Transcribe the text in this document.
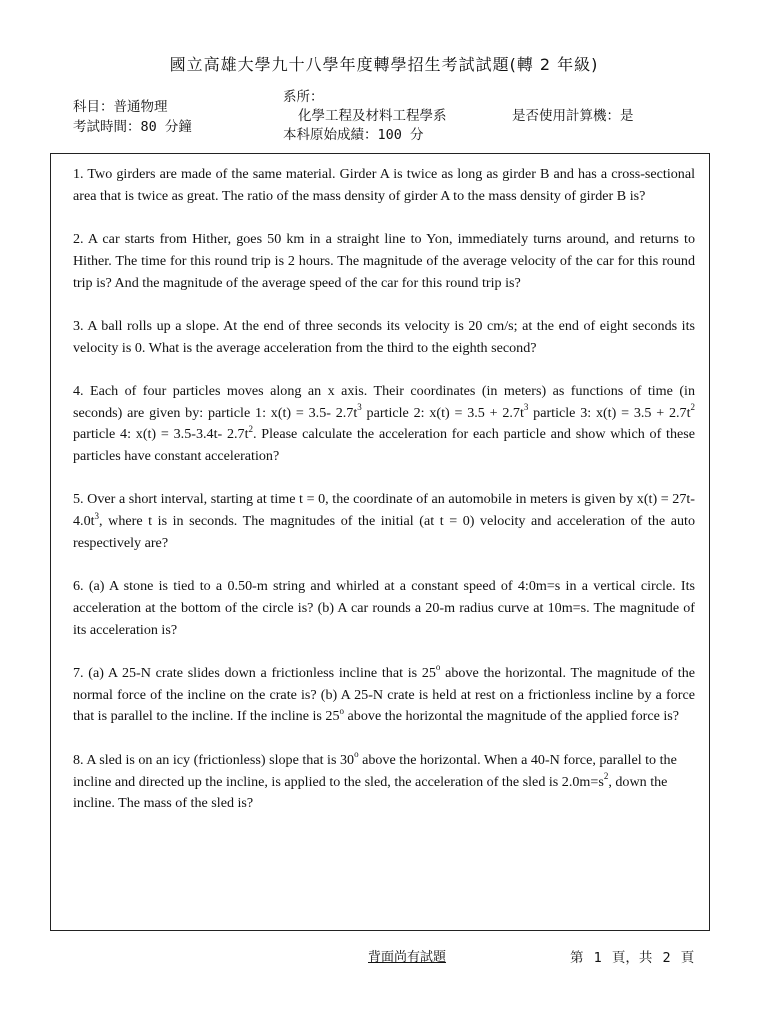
國立高雄大學九十八學年度轉學招生考試試題(轉 2 年級)
科目：普通物理
考試時間：80 分鐘
系所：
化學工程及材料工程學系
本科原始成績：100 分
是否使用計算機：是

1. Two girders are made of the same material. Girder A is twice as long as girder B and has a cross-sectional area that is twice as great. The ratio of the mass density of girder A to the mass density of girder B is?

2. A car starts from Hither, goes 50 km in a straight line to Yon, immediately turns around, and returns to Hither. The time for this round trip is 2 hours. The magnitude of the average velocity of the car for this round trip is? And the magnitude of the average speed of the car for this round trip is?

3. A ball rolls up a slope. At the end of three seconds its velocity is 20 cm/s; at the end of eight seconds its velocity is 0. What is the average acceleration from the third to the eighth second?

4. Each of four particles moves along an x axis. Their coordinates (in meters) as functions of time (in seconds) are given by: particle 1: x(t) = 3.5- $2.7t^3$ particle 2: $x(t) = 3.5 + 2.7t^3$ particle 3: $x(t) = 3.5 + 2.7t^2$ particle 4: x(t) = 3.5-3.4t- $2.7t^2$. Please calculate the acceleration for each particle and show which of these particles have constant acceleration?

5. Over a short interval, starting at time t = 0, the coordinate of an automobile in meters is given by $x(t) = 27t-4.0t^3$, where t is in seconds. The magnitudes of the initial (at t = 0) velocity and acceleration of the auto respectively are?

6. (a) A stone is tied to a 0.50-m string and whirled at a constant speed of 4:0m=s in a vertical circle. Its acceleration at the bottom of the circle is? (b) A car rounds a 20-m radius curve at 10m=s. The magnitude of its acceleration is?

7. (a) A 25-N crate slides down a frictionless incline that is 25$^o$ above the horizontal. The magnitude of the normal force of the incline on the crate is? (b) A 25-N crate is held at rest on a frictionless incline by a force that is parallel to the incline. If the incline is 25$^o$ above the horizontal the magnitude of the applied force is?

8. A sled is on an icy (frictionless) slope that is 30$^o$ above the horizontal. When a 40-N force, parallel to the incline and directed up the incline, is applied to the sled, the acceleration of the sled is $2.0m=s^2$, down the incline. The mass of the sled is?

背面尚有試題	第 1 頁，共 2 頁
